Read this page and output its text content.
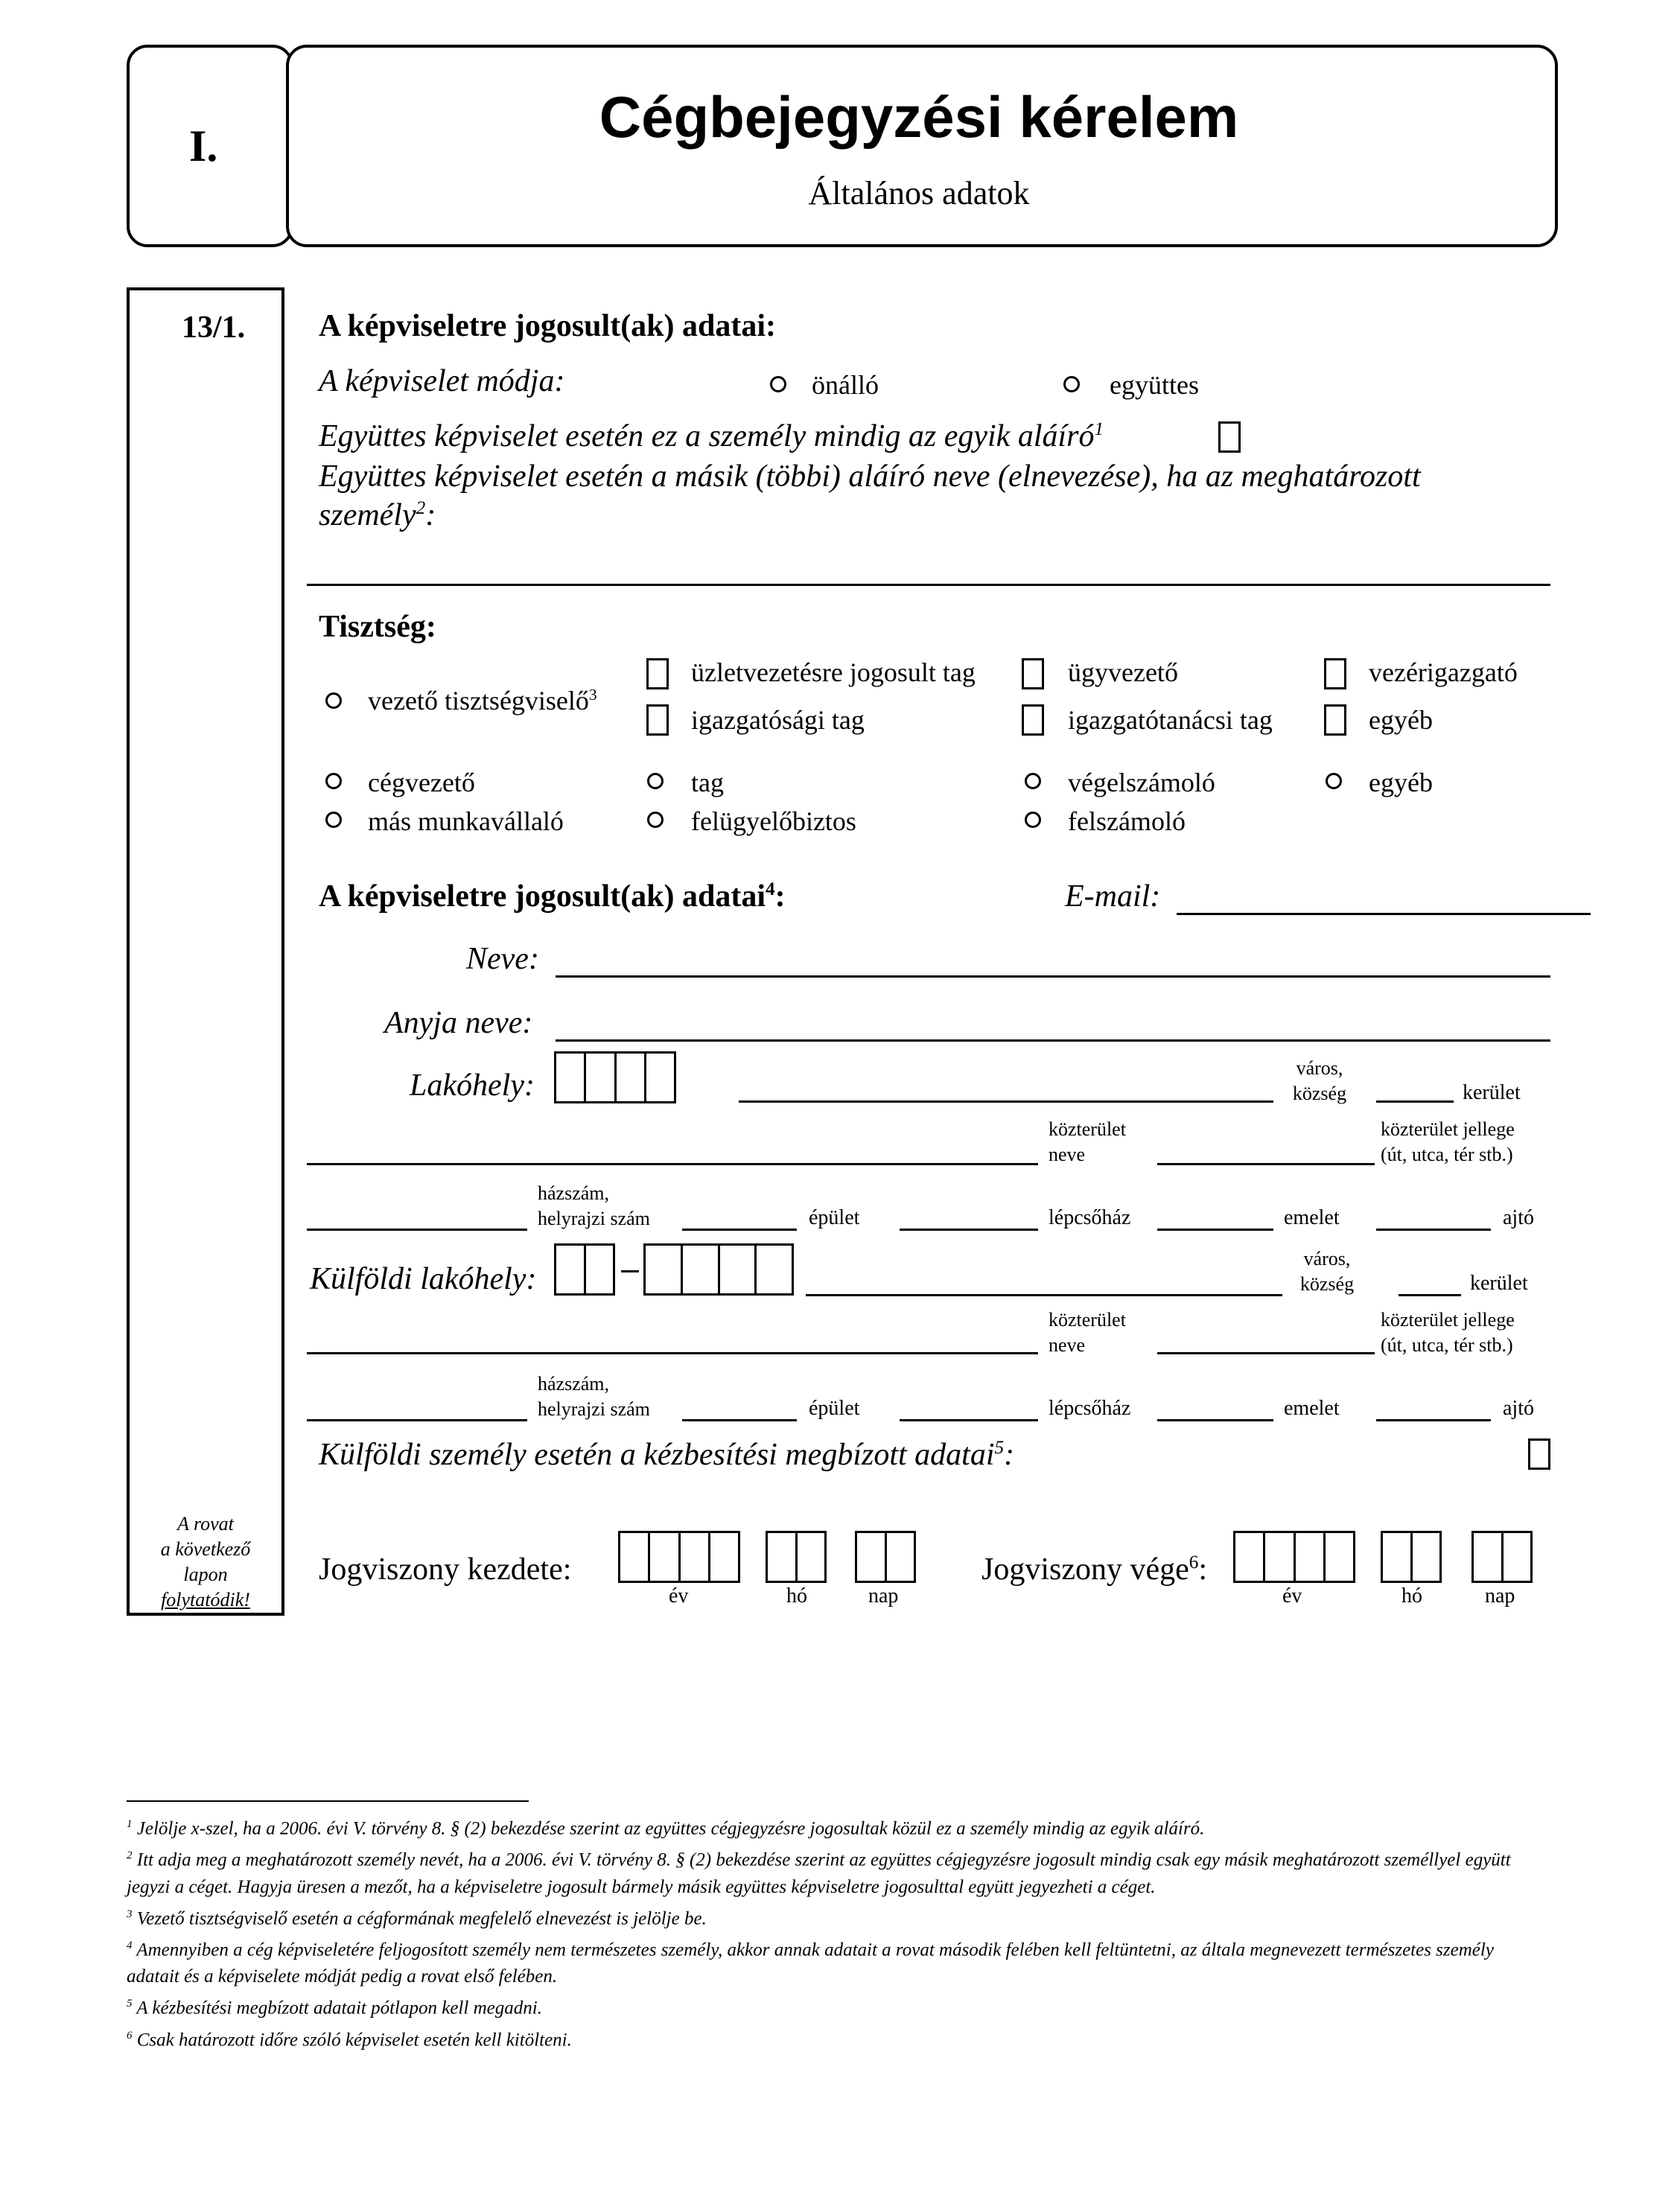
I.	Cégbejegyzési kérelem
Általános adatok
13/1.
A rovat
a következő
lapon
folytatódik!
A képviseletre jogosult(ak) adatai:
A képviselet módja:	önálló	együttes
Együttes képviselet esetén ez a személy mindig az egyik aláíró$^1$
Együttes képviselet esetén a másik (többi) aláíró neve (elnevezése), ha az meghatározott
személy$^2$:
Tisztség:
vezető tisztségviselő$^3$
üzletvezetésre jogosult tag	ügyvezető	vezérigazgató
igazgatósági tag	igazgatótanácsi tag	egyéb
cégvezető	tag	végelszámoló	egyéb
más munkavállaló	felügyelőbiztos	felszámoló
A képviseletre jogosult(ak) adatai$^4$:	E-mail:
Neve:
Anyja neve:
Lakóhely:
város,
község	kerület
közterület
neve
közterület jellege
(út, utca, tér stb.)
házszám,
helyrajzi szám	épület	lépcsőház	emelet	ajtó
Külföldi lakóhely:
város,
község	kerület
közterület
neve
közterület jellege
(út, utca, tér stb.)
házszám,
helyrajzi szám	épület	lépcsőház	emelet	ajtó
Külföldi személy esetén a kézbesítési megbízott adatai$^5$:
Jogviszony kezdete:
év	hó	nap
Jogviszony vége$^6$:
év	hó	nap
$^1$ Jelölje x-szel, ha a 2006. évi V. törvény 8. § (2) bekezdése szerint az együttes cégjegyzésre jogosultak közül ez a személy mindig az egyik aláíró.
$^2$ Itt adja meg a meghatározott személy nevét, ha a 2006. évi V. törvény 8. § (2) bekezdése szerint az együttes cégjegyzésre jogosult mindig csak egy másik meghatározott személlyel együtt jegyzi a céget. Hagyja üresen a mezőt, ha a képviseletre jogosult bármely másik együttes képviseletre jogosulttal együtt jegyezheti a céget.
$^3$ Vezető tisztségviselő esetén a cégformának megfelelő elnevezést is jelölje be.
$^4$ Amennyiben a cég képviseletére feljogosított személy nem természetes személy, akkor annak adatait a rovat második felében kell feltüntetni, az általa megnevezett természetes személy adatait és a képviselete módját pedig a rovat első felében.
$^5$ A kézbesítési megbízott adatait pótlapon kell megadni.
$^6$ Csak határozott időre szóló képviselet esetén kell kitölteni.
